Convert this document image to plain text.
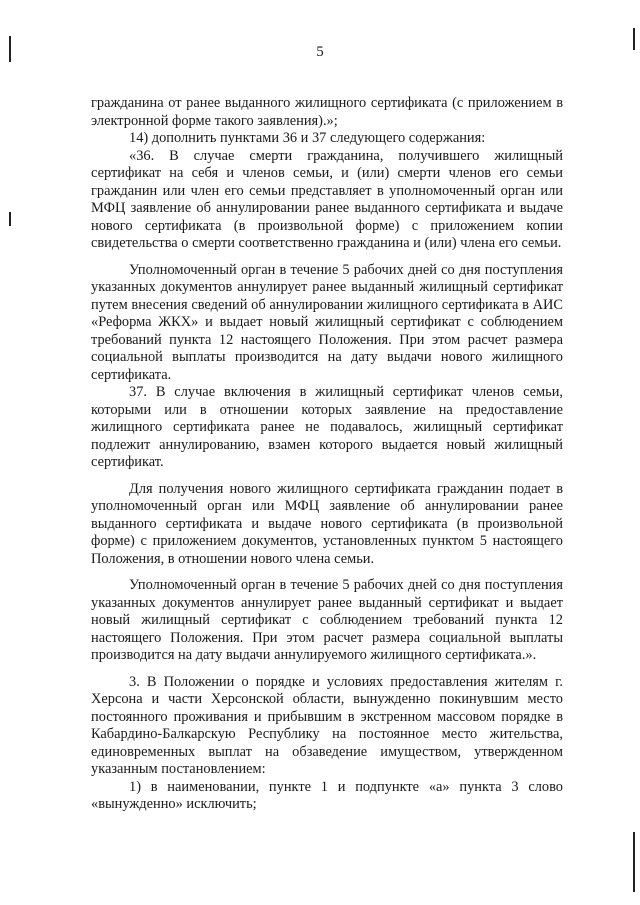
5

гражданина от ранее выданного жилищного сертификата (с приложением в электронной форме такого заявления).»;

14) дополнить пунктами 36 и 37 следующего содержания:

«36. В случае смерти гражданина, получившего жилищный сертификат на себя и членов семьи, и (или) смерти членов его семьи гражданин или член его семьи представляет в уполномоченный орган или МФЦ заявление об аннулировании ранее выданного сертификата и выдаче нового сертификата (в произвольной форме) с приложением копии свидетельства о смерти соответственно гражданина и (или) члена его семьи.

Уполномоченный орган в течение 5 рабочих дней со дня поступления указанных документов аннулирует ранее выданный жилищный сертификат путем внесения сведений об аннулировании жилищного сертификата в АИС «Реформа ЖКХ» и выдает новый жилищный сертификат с соблюдением требований пункта 12 настоящего Положения. При этом расчет размера социальной выплаты производится на дату выдачи нового жилищного сертификата.

37. В случае включения в жилищный сертификат членов семьи, которыми или в отношении которых заявление на предоставление жилищного сертификата ранее не подавалось, жилищный сертификат подлежит аннулированию, взамен которого выдается новый жилищный сертификат.

Для получения нового жилищного сертификата гражданин подает в уполномоченный орган или МФЦ заявление об аннулировании ранее выданного сертификата и выдаче нового сертификата (в произвольной форме) с приложением документов, установленных пунктом 5 настоящего Положения, в отношении нового члена семьи.

Уполномоченный орган в течение 5 рабочих дней со дня поступления указанных документов аннулирует ранее выданный сертификат и выдает новый жилищный сертификат с соблюдением требований пункта 12 настоящего Положения. При этом расчет размера социальной выплаты производится на дату выдачи аннулируемого жилищного сертификата.».

3. В Положении о порядке и условиях предоставления жителям г. Херсона и части Херсонской области, вынужденно покинувшим место постоянного проживания и прибывшим в экстренном массовом порядке в Кабардино-Балкарскую Республику на постоянное место жительства, единовременных выплат на обзаведение имуществом, утвержденном указанным постановлением:

1) в наименовании, пункте 1 и подпункте «а» пункта 3 слово «вынужденно» исключить;
